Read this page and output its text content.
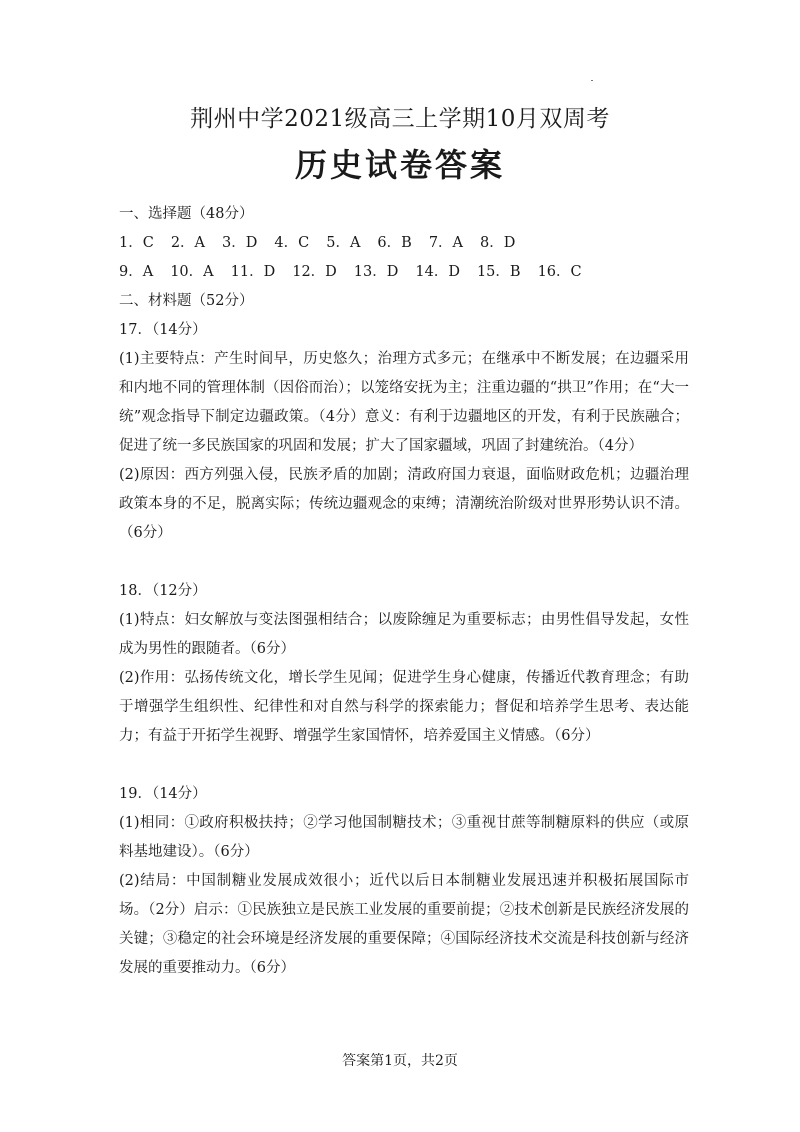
荆州中学2021级高三上学期10月双周考
历史试卷答案
一、选择题（48分）
1．C 2．A 3．D 4．C 5．A 6．B 7．A 8．D
9．A 10．A 11．D 12．D 13．D 14．D 15．B 16．C
二、材料题（52分）
17．（14分）

(1)主要特点：产生时间早，历史悠久；治理方式多元；在继承中不断发展；在边疆采用和内地不同的管理体制（因俗而治）；以笼络安抚为主；注重边疆的“拱卫”作用；在“大一统”观念指导下制定边疆政策。（4分）意义：有利于边疆地区的开发，有利于民族融合；促进了统一多民族国家的巩固和发展；扩大了国家疆域，巩固了封建统治。（4分）

(2)原因：西方列强入侵，民族矛盾的加剧；清政府国力衰退，面临财政危机；边疆治理政策本身的不足，脱离实际；传统边疆观念的束缚；清潮统治阶级对世界形势认识不清。（6分）

18．（12分）

(1)特点：妇女解放与变法图强相结合；以废除缠足为重要标志；由男性倡导发起，女性成为男性的跟随者。（6分）

(2)作用：弘扬传统文化，增长学生见闻；促进学生身心健康，传播近代教育理念；有助于增强学生组织性、纪律性和对自然与科学的探索能力；督促和培养学生思考、表达能力；有益于开拓学生视野、增强学生家国情怀，培养爱国主义情感。（6分）

19．（14分）

(1)相同：①政府积极扶持；②学习他国制糖技术；③重视甘蔗等制糖原料的供应（或原料基地建设）。（6分）

(2)结局：中国制糖业发展成效很小；近代以后日本制糖业发展迅速并积极拓展国际市场。（2分）启示：①民族独立是民族工业发展的重要前提；②技术创新是民族经济发展的关键；③稳定的社会环境是经济发展的重要保障；④国际经济技术交流是科技创新与经济发展的重要推动力。（6分）

答案第1页，共2页
